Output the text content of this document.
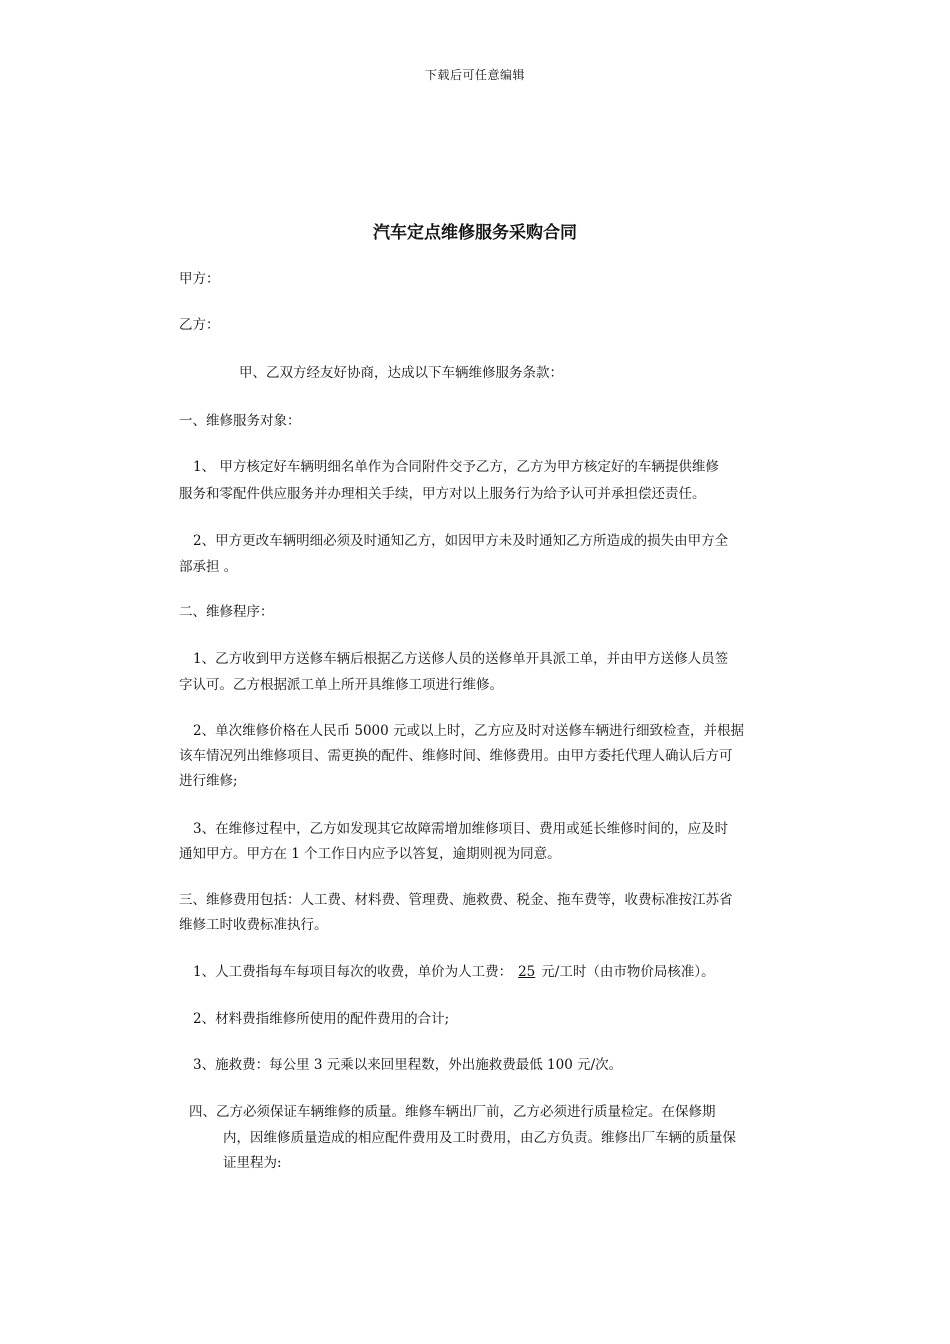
下载后可任意编辑
汽车定点维修服务采购合同
甲方：
乙方：
甲、乙双方经友好协商，达成以下车辆维修服务条款：
一、维修服务对象：
1、 甲方核定好车辆明细名单作为合同附件交予乙方，乙方为甲方核定好的车辆提供维修
服务和零配件供应服务并办理相关手续，甲方对以上服务行为给予认可并承担偿还责任。
2、甲方更改车辆明细必须及时通知乙方，如因甲方未及时通知乙方所造成的损失由甲方全
部承担 。
二、维修程序：
1、乙方收到甲方送修车辆后根据乙方送修人员的送修单开具派工单，并由甲方送修人员签
字认可。乙方根据派工单上所开具维修工项进行维修。
2、单次维修价格在人民币 5000 元或以上时，乙方应及时对送修车辆进行细致检查，并根据
该车情况列出维修项目、需更换的配件、维修时间、维修费用。由甲方委托代理人确认后方可
进行维修;
3、在维修过程中，乙方如发现其它故障需增加维修项目、费用或延长维修时间的，应及时
通知甲方。甲方在 1 个工作日内应予以答复，逾期则视为同意。
三、维修费用包括：人工费、材料费、管理费、施救费、税金、拖车费等，收费标准按江苏省
维修工时收费标准执行。
1、人工费指每车每项目每次的收费，单价为人工费： 25 元/工时（由市物价局核准）。
2、材料费指维修所使用的配件费用的合计;
3、施救费：每公里 3 元乘以来回里程数，外出施救费最低 100 元/次。
四、乙方必须保证车辆维修的质量。维修车辆出厂前，乙方必须进行质量检定。在保修期
内，因维修质量造成的相应配件费用及工时费用，由乙方负责。维修出厂车辆的质量保
证里程为:
